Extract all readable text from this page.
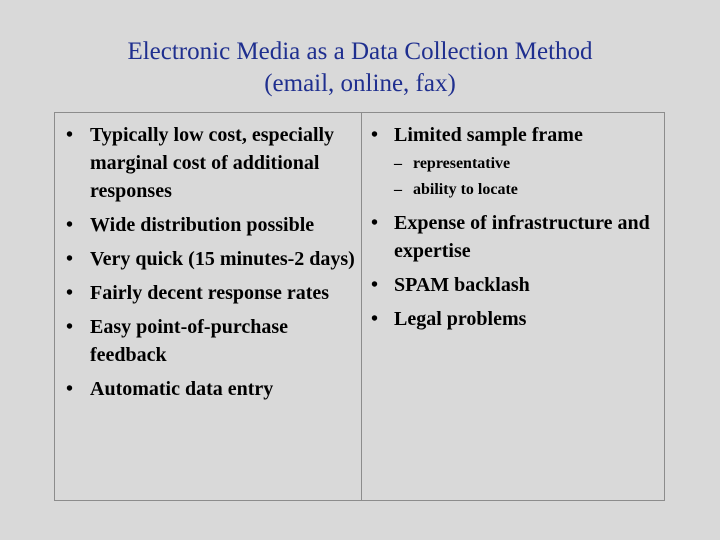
Electronic Media as a Data Collection Method
(email, online, fax)
• Typically low cost, especially marginal cost of additional responses
• Wide distribution possible
• Very quick (15 minutes-2 days)
• Fairly decent response rates
• Easy point-of-purchase feedback
• Automatic data entry
• Limited sample frame
– representative
– ability to locate
• Expense of infrastructure and expertise
• SPAM backlash
• Legal problems
